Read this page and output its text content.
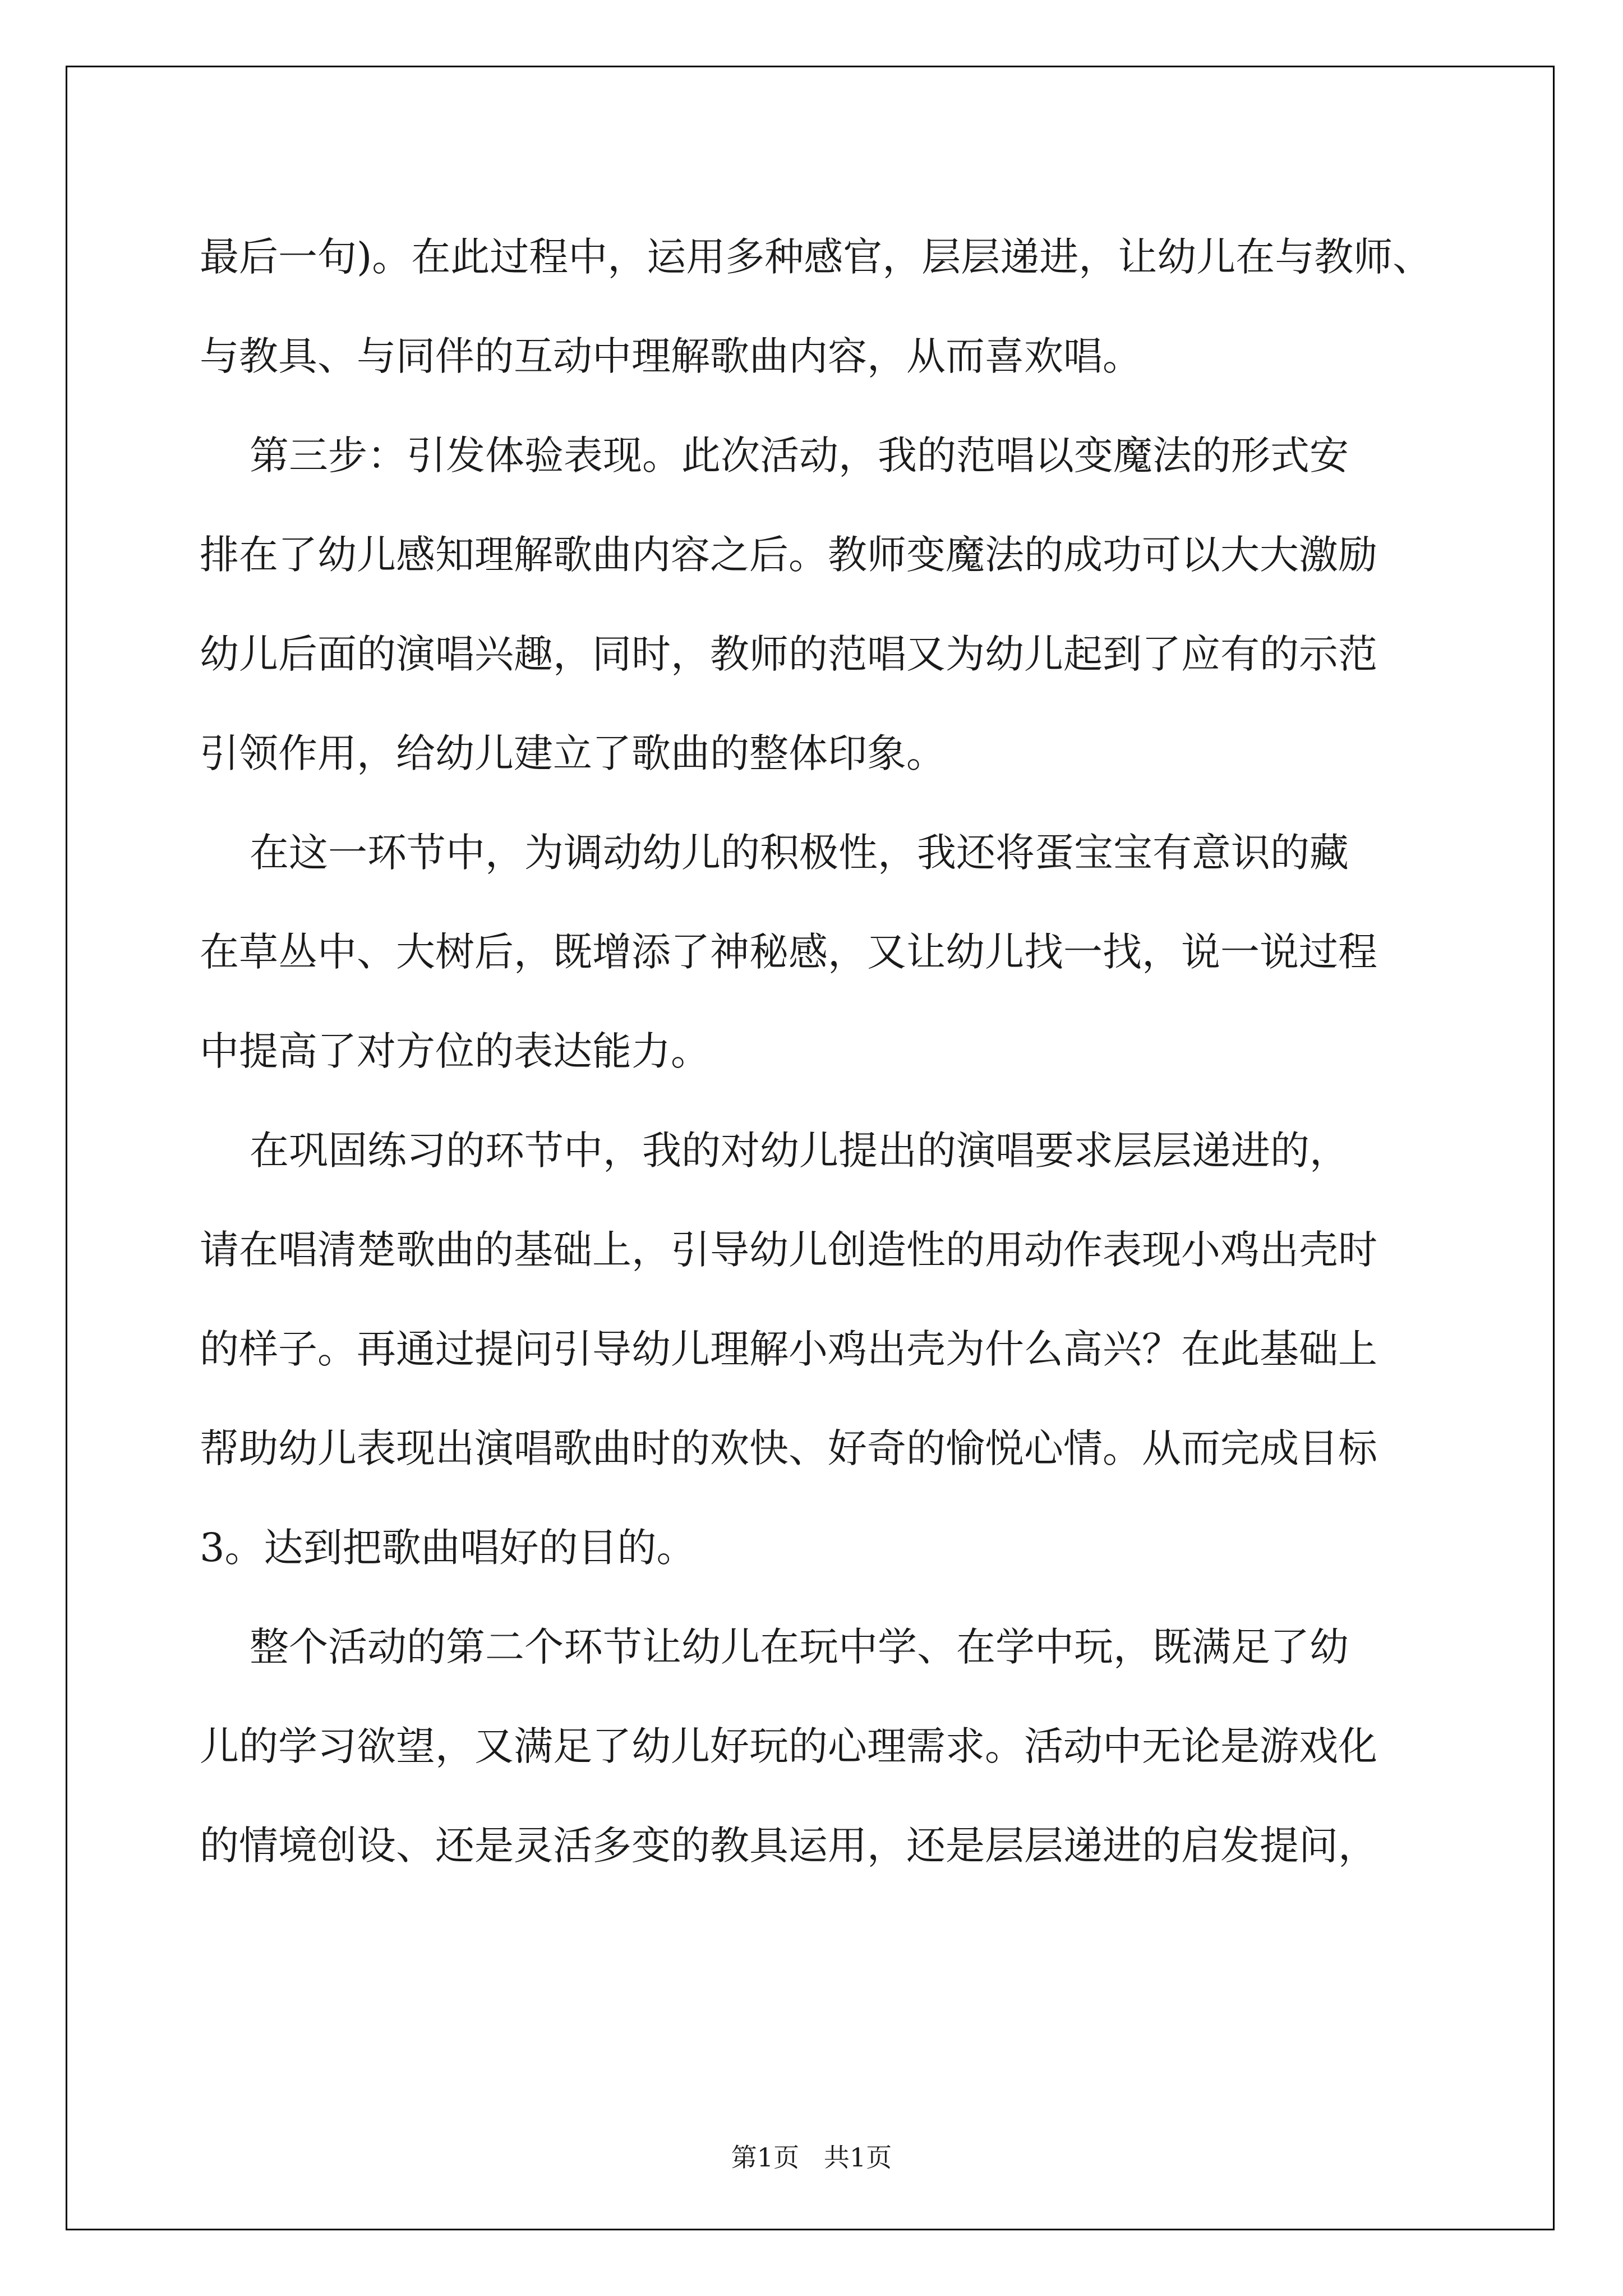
最后一句)。在此过程中，运用多种感官，层层递进，让幼儿在与教师、
与教具、与同伴的互动中理解歌曲内容，从而喜欢唱。
第三步：引发体验表现。此次活动，我的范唱以变魔法的形式安
排在了幼儿感知理解歌曲内容之后。教师变魔法的成功可以大大激励
幼儿后面的演唱兴趣，同时，教师的范唱又为幼儿起到了应有的示范
引领作用，给幼儿建立了歌曲的整体印象。
在这一环节中，为调动幼儿的积极性，我还将蛋宝宝有意识的藏
在草丛中、大树后，既增添了神秘感，又让幼儿找一找，说一说过程
中提高了对方位的表达能力。
在巩固练习的环节中，我的对幼儿提出的演唱要求层层递进的，
请在唱清楚歌曲的基础上，引导幼儿创造性的用动作表现小鸡出壳时
的样子。再通过提问引导幼儿理解小鸡出壳为什么高兴？在此基础上
帮助幼儿表现出演唱歌曲时的欢快、好奇的愉悦心情。从而完成目标
3。达到把歌曲唱好的目的。
整个活动的第二个环节让幼儿在玩中学、在学中玩，既满足了幼
儿的学习欲望，又满足了幼儿好玩的心理需求。活动中无论是游戏化
的情境创设、还是灵活多变的教具运用，还是层层递进的启发提问，
第1页   共1页
